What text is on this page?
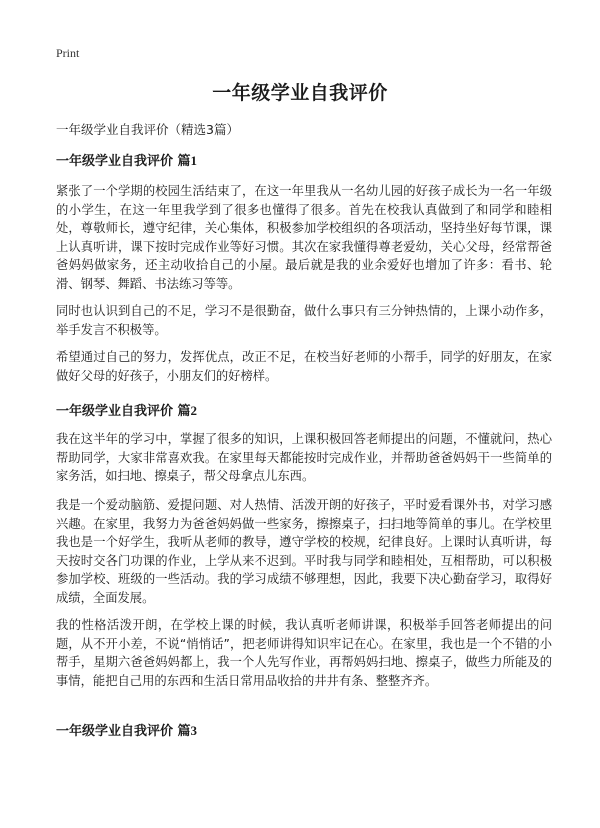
Print
一年级学业自我评价

一年级学业自我评价（精选3篇）

一年级学业自我评价 篇1

紧张了一个学期的校园生活结束了，在这一年里我从一名幼儿园的好孩子成长为一名一年级的小学生，在这一年里我学到了很多也懂得了很多。首先在校我认真做到了和同学和睦相处，尊敬师长，遵守纪律，关心集体，积极参加学校组织的各项活动，坚持坐好每节课，课上认真听讲，课下按时完成作业等好习惯。其次在家我懂得尊老爱幼，关心父母，经常帮爸爸妈妈做家务，还主动收拾自己的小屋。最后就是我的业余爱好也增加了许多：看书、轮滑、钢琴、舞蹈、书法练习等等。

同时也认识到自己的不足，学习不是很勤奋，做什么事只有三分钟热情的，上课小动作多，举手发言不积极等。

希望通过自己的努力，发挥优点，改正不足，在校当好老师的小帮手，同学的好朋友，在家做好父母的好孩子，小朋友们的好榜样。

一年级学业自我评价 篇2

我在这半年的学习中，掌握了很多的知识，上课积极回答老师提出的问题，不懂就问，热心帮助同学，大家非常喜欢我。在家里每天都能按时完成作业，并帮助爸爸妈妈干一些简单的家务活，如扫地、擦桌子，帮父母拿点儿东西。

我是一个爱动脑筋、爱提问题、对人热情、活泼开朗的好孩子，平时爱看课外书，对学习感兴趣。在家里，我努力为爸爸妈妈做一些家务，擦擦桌子，扫扫地等简单的事儿。在学校里我也是一个好学生，我听从老师的教导，遵守学校的校规，纪律良好。上课时认真听讲，每天按时交各门功课的作业，上学从来不迟到。平时我与同学和睦相处，互相帮助，可以积极参加学校、班级的一些活动。我的学习成绩不够理想，因此，我要下决心勤奋学习，取得好成绩，全面发展。

我的性格活泼开朗，在学校上课的时候，我认真听老师讲课，积极举手回答老师提出的问题，从不开小差，不说“悄悄话”，把老师讲得知识牢记在心。在家里，我也是一个不错的小帮手，星期六爸爸妈妈都上，我一个人先写作业，再帮妈妈扫地、擦桌子，做些力所能及的事情，能把自己用的东西和生活日常用品收拾的井井有条、整整齐齐。

一年级学业自我评价 篇3
